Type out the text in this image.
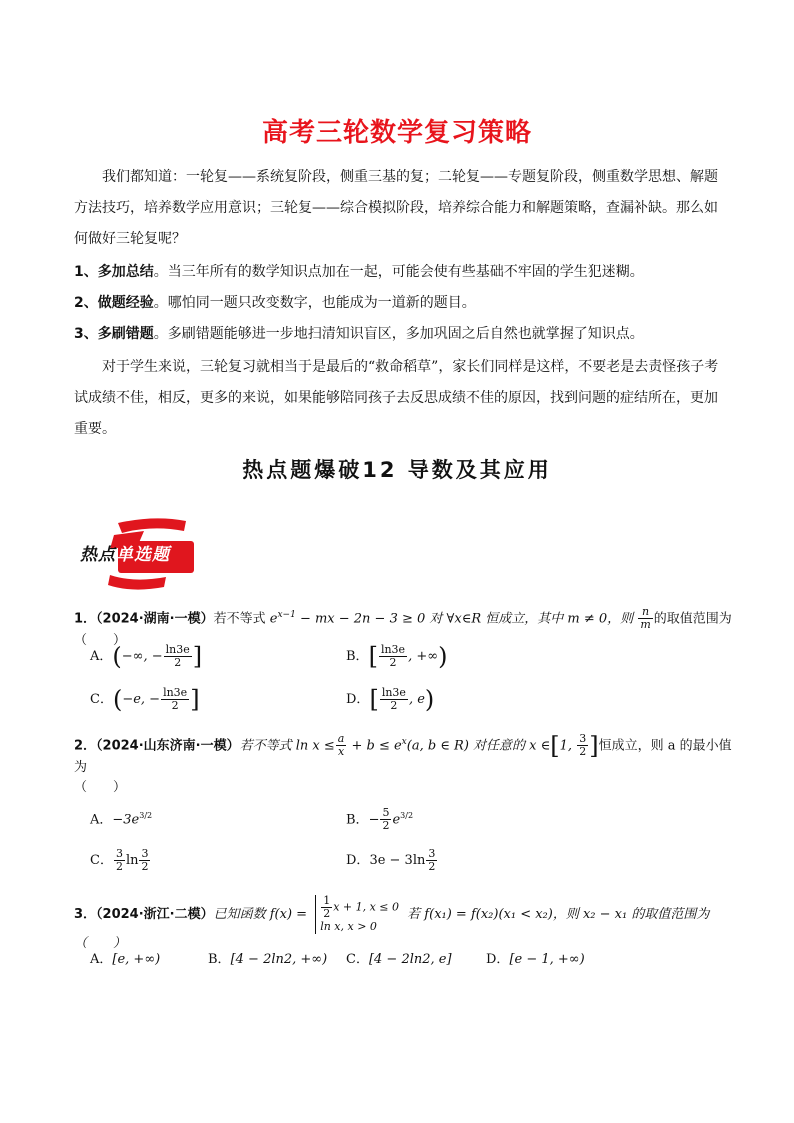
高考三轮数学复习策略
我们都知道：一轮复——系统复阶段，侧重三基的复；二轮复——专题复阶段，侧重数学思想、解题方法技巧，培养数学应用意识；三轮复——综合模拟阶段，培养综合能力和解题策略，查漏补缺。那么如何做好三轮复呢？
1、多加总结。当三年所有的数学知识点加在一起，可能会使有些基础不牢固的学生犯迷糊。
2、做题经验。哪怕同一题只改变数字，也能成为一道新的题目。
3、多刷错题。多刷错题能够进一步地扫清知识盲区，多加巩固之后自然也就掌握了知识点。
对于学生来说，三轮复习就相当于是最后的“救命稻草”，家长们同样是这样，不要老是去责怪孩子考试成绩不佳，相反，更多的来说，如果能够陪同孩子去反思成绩不佳的原因，找到问题的症结所在，更加重要。
热点题爆破12 导数及其应用
热点单选题
1．（2024·湖南·一模）若不等式 $e^{x-1}$ − mx − 2n − 3 ≥ 0 对 ∀x∈R 恒成立，其中 m ≠ 0，则 $\frac{n}{m}$ 的取值范围为（　　）
A．(−∞, − $\frac{\ln 3e}{2}$ ]	B．[ $\frac{\ln 3e}{2}$ , +∞)
C．(−e, − $\frac{\ln 3e}{2}$ ]	D．[ $\frac{\ln 3e}{2}$ , e)
2．（2024·山东济南·一模）若不等式 $\ln x \le \frac{a}{x} + b \le e^x(a$, b ∈ R) 对任意的 x ∈[1, $\frac{3}{2}$ ]恒成立，则 a 的最小值为
（　　）
A．$-3e^{3/2}$	B．− $\frac{5}{2} e^{3/2}$
C． $\frac{3}{2}$ $\ln \frac{3}{2}$	D．$3e - 3\ln \frac{3}{2}$
3．（2024·浙江·二模）已知函数 $f(x) = \frac{1}{2}$ x + 1, x ≤ 0
ln x, x > 0 若 f(x₁) = f(x₂)(x₁ < x₂)，则 x₂ − x₁ 的取值范围为（　　）
A．[e, +∞)	B．[4 − 2ln2, +∞) C．[4 − 2ln2, e]	D．[e − 1, +∞)
